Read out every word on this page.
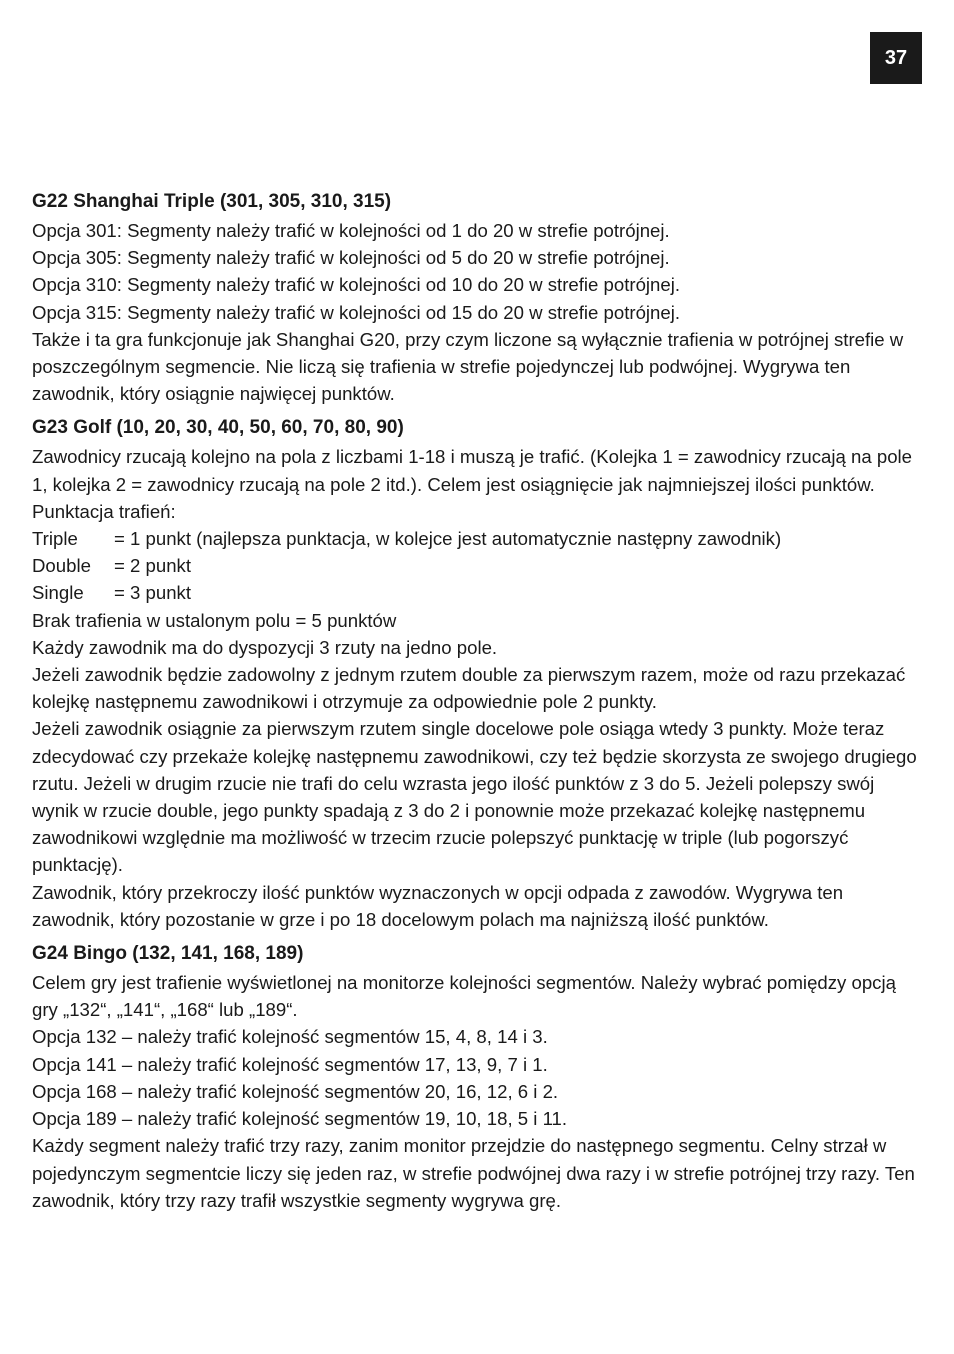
37

G22 Shanghai Triple (301, 305, 310, 315)

Opcja 301: Segmenty należy trafić w kolejności od 1 do 20 w strefie potrójnej.

Opcja 305: Segmenty należy trafić w kolejności od 5 do 20 w strefie potrójnej.

Opcja 310: Segmenty należy trafić w kolejności od 10 do 20 w strefie potrójnej.

Opcja 315: Segmenty należy trafić w kolejności od 15 do 20 w strefie potrójnej.

Także i ta gra funkcjonuje jak Shanghai G20, przy czym liczone są wyłącznie trafienia w potrójnej strefie w poszczególnym segmencie. Nie liczą się trafienia w strefie pojedynczej lub podwójnej. Wygrywa ten zawodnik, który osiągnie najwięcej punktów.

G23 Golf (10, 20, 30, 40, 50, 60, 70, 80, 90)

Zawodnicy rzucają kolejno na pola z liczbami 1-18 i muszą je trafić. (Kolejka 1 = zawodnicy rzucają na pole 1, kolejka 2 = zawodnicy rzucają na pole 2 itd.). Celem jest osiągnięcie jak najmniejszej ilości punktów.

Punktacja trafień:

Triple	= 1 punkt (najlepsza punktacja, w kolejce jest automatycznie następny zawodnik)
Double	= 2 punkt
Single	= 3 punkt

Brak trafienia w ustalonym polu = 5 punktów

Każdy zawodnik ma do dyspozycji 3 rzuty na jedno pole.

Jeżeli zawodnik będzie zadowolny z jednym rzutem double za pierwszym razem, może od razu przekazać kolejkę następnemu zawodnikowi i otrzymuje za odpowiednie pole 2 punkty.

Jeżeli zawodnik osiągnie za pierwszym rzutem single docelowe pole osiąga wtedy 3 punkty. Może teraz zdecydować czy przekaże kolejkę następnemu zawodnikowi, czy też będzie skorzysta ze swojego drugiego rzutu. Jeżeli w drugim rzucie nie trafi do celu wzrasta jego ilość punktów z 3 do 5. Jeżeli polepszy swój wynik w rzucie double, jego punkty spadają z 3 do 2 i ponownie może przekazać kolejkę następnemu zawodnikowi względnie ma możliwość w trzecim rzucie polepszyć punktację w triple (lub pogorszyć punktację).

Zawodnik, który przekroczy ilość punktów wyznaczonych w opcji odpada z zawodów. Wygrywa ten zawodnik, który pozostanie w grze i po 18 docelowym polach ma najniższą ilość punktów.

G24 Bingo (132, 141, 168, 189)

Celem gry jest trafienie wyświetlonej na monitorze kolejności segmentów. Należy wybrać pomiędzy opcją gry „132“, „141“, „168“ lub „189“.

Opcja 132 – należy trafić kolejność segmentów 15, 4, 8, 14 i 3.

Opcja 141 – należy trafić kolejność segmentów 17, 13, 9, 7 i 1.

Opcja 168 – należy trafić kolejność segmentów 20, 16, 12, 6 i 2.

Opcja 189 – należy trafić kolejność segmentów 19, 10, 18, 5 i 11.

Każdy segment należy trafić trzy razy, zanim monitor przejdzie do następnego segmentu. Celny strzał w pojedynczym segmentcie liczy się jeden raz, w strefie podwójnej dwa razy i w strefie potrójnej trzy razy. Ten zawodnik, który trzy razy trafił wszystkie segmenty wygrywa grę.
